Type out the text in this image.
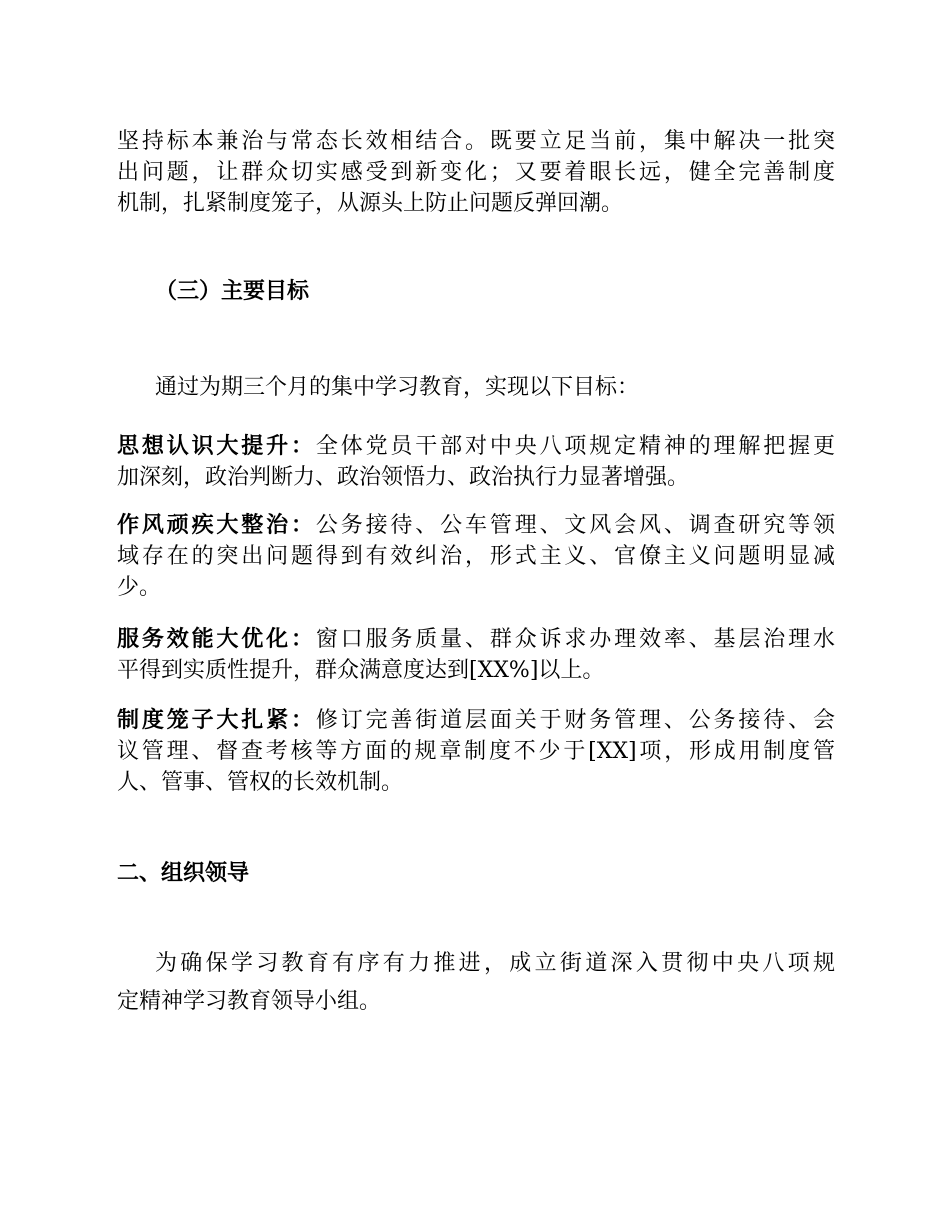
坚持标本兼治与常态长效相结合。既要立足当前，集中解决一批突
出问题，让群众切实感受到新变化；又要着眼长远，健全完善制度
机制，扎紧制度笼子，从源头上防止问题反弹回潮。
（三）主要目标
通过为期三个月的集中学习教育，实现以下目标：
思想认识大提升：全体党员干部对中央八项规定精神的理解把握更
加深刻，政治判断力、政治领悟力、政治执行力显著增强。
作风顽疾大整治：公务接待、公车管理、文风会风、调查研究等领
域存在的突出问题得到有效纠治，形式主义、官僚主义问题明显减
少。
服务效能大优化：窗口服务质量、群众诉求办理效率、基层治理水
平得到实质性提升，群众满意度达到[XX%]以上。
制度笼子大扎紧：修订完善街道层面关于财务管理、公务接待、会
议管理、督查考核等方面的规章制度不少于[XX]项，形成用制度管
人、管事、管权的长效机制。
二、组织领导
为确保学习教育有序有力推进，成立街道深入贯彻中央八项规
定精神学习教育领导小组。
